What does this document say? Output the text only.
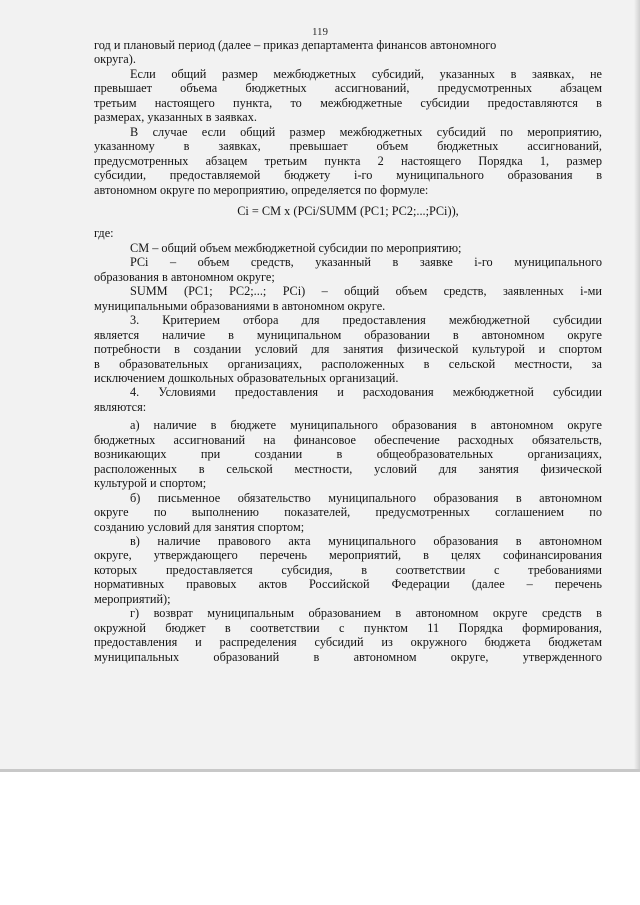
119
год и плановый период (далее – приказ департамента финансов автономного
округа).
Если общий размер межбюджетных субсидий, указанных в заявках, не
превышает объема бюджетных ассигнований, предусмотренных абзацем
третьим настоящего пункта, то межбюджетные субсидии предоставляются в
размерах, указанных в заявках.
В случае если общий размер межбюджетных субсидий по мероприятию,
указанному в заявках, превышает объем бюджетных ассигнований,
предусмотренных абзацем третьим пункта 2 настоящего Порядка 1, размер
субсидии, предоставляемой бюджету i-го муниципального образования в
автономном округе по мероприятию, определяется по формуле:
Ci = CM x (PCi/SUMM (PC1; PC2;...;PCi)),
где:
CM – общий объем межбюджетной субсидии по мероприятию;
PCi – объем средств, указанный в заявке i-го муниципального
образования в автономном округе;
SUMM (PC1; PC2;...; PCi) – общий объем средств, заявленных i-ми
муниципальными образованиями в автономном округе.
3. Критерием отбора для предоставления межбюджетной субсидии
является наличие в муниципальном образовании в автономном округе
потребности в создании условий для занятия физической культурой и спортом
в образовательных организациях, расположенных в сельской местности, за
исключением дошкольных образовательных организаций.
4. Условиями предоставления и расходования межбюджетной субсидии
являются:
а) наличие в бюджете муниципального образования в автономном округе
бюджетных ассигнований на финансовое обеспечение расходных обязательств,
возникающих при создании в общеобразовательных организациях,
расположенных в сельской местности, условий для занятия физической
культурой и спортом;
б) письменное обязательство муниципального образования в автономном
округе по выполнению показателей, предусмотренных соглашением по
созданию условий для занятия спортом;
в) наличие правового акта муниципального образования в автономном
округе, утверждающего перечень мероприятий, в целях софинансирования
которых предоставляется субсидия, в соответствии с требованиями
нормативных правовых актов Российской Федерации (далее – перечень
мероприятий);
г) возврат муниципальным образованием в автономном округе средств в
окружной бюджет в соответствии с пунктом 11 Порядка формирования,
предоставления и распределения субсидий из окружного бюджета бюджетам
муниципальных образований в автономном округе, утвержденного
